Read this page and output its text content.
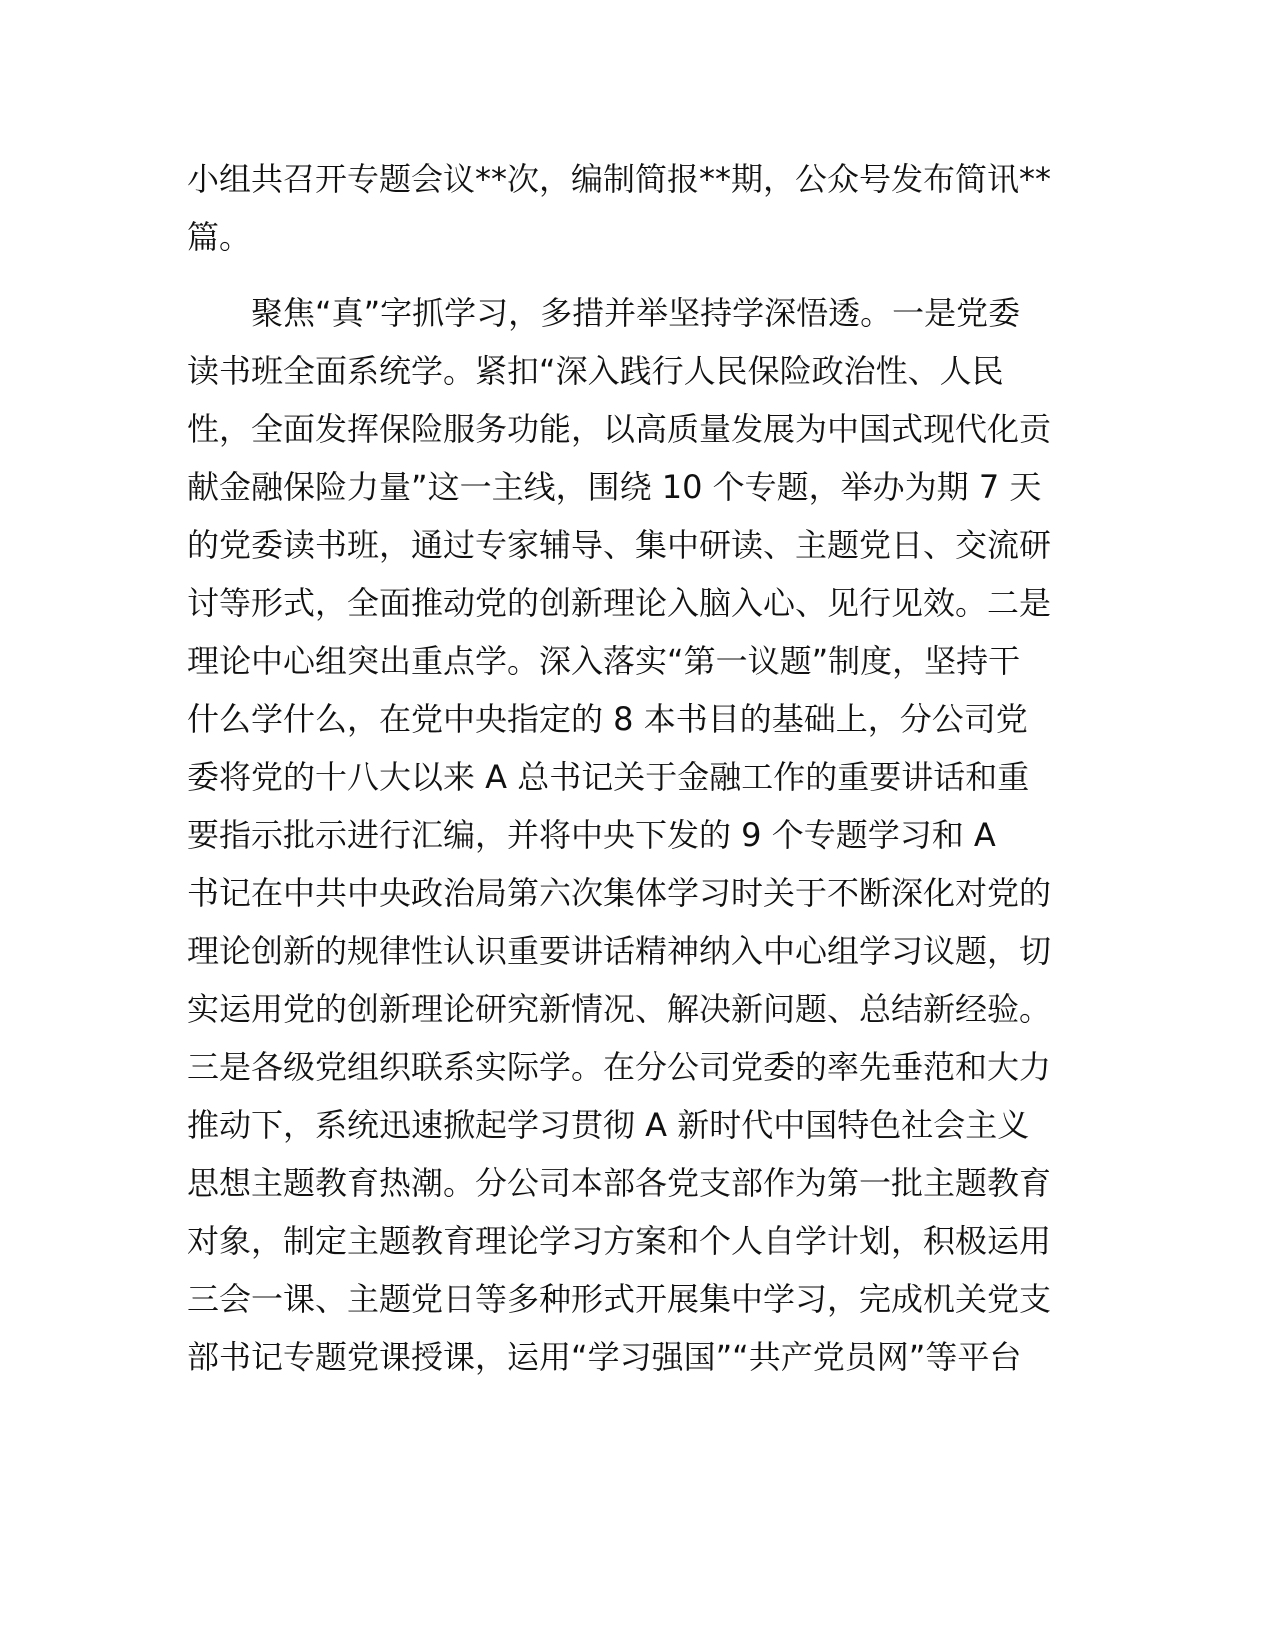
小组共召开专题会议**次，编制简报**期，公众号发布简讯**
篇。
聚焦“真”字抓学习，多措并举坚持学深悟透。一是党委
读书班全面系统学。紧扣“深入践行人民保险政治性、人民
性，全面发挥保险服务功能，以高质量发展为中国式现代化贡
献金融保险力量”这一主线，围绕 10 个专题，举办为期 7 天
的党委读书班，通过专家辅导、集中研读、主题党日、交流研
讨等形式，全面推动党的创新理论入脑入心、见行见效。二是
理论中心组突出重点学。深入落实“第一议题”制度，坚持干
什么学什么，在党中央指定的 8 本书目的基础上，分公司党
委将党的十八大以来 A 总书记关于金融工作的重要讲话和重
要指示批示进行汇编，并将中央下发的 9 个专题学习和 A
书记在中共中央政治局第六次集体学习时关于不断深化对党的
理论创新的规律性认识重要讲话精神纳入中心组学习议题，切
实运用党的创新理论研究新情况、解决新问题、总结新经验。
三是各级党组织联系实际学。在分公司党委的率先垂范和大力
推动下，系统迅速掀起学习贯彻 A 新时代中国特色社会主义
思想主题教育热潮。分公司本部各党支部作为第一批主题教育
对象，制定主题教育理论学习方案和个人自学计划，积极运用
三会一课、主题党日等多种形式开展集中学习，完成机关党支
部书记专题党课授课，运用“学习强国”“共产党员网”等平台
